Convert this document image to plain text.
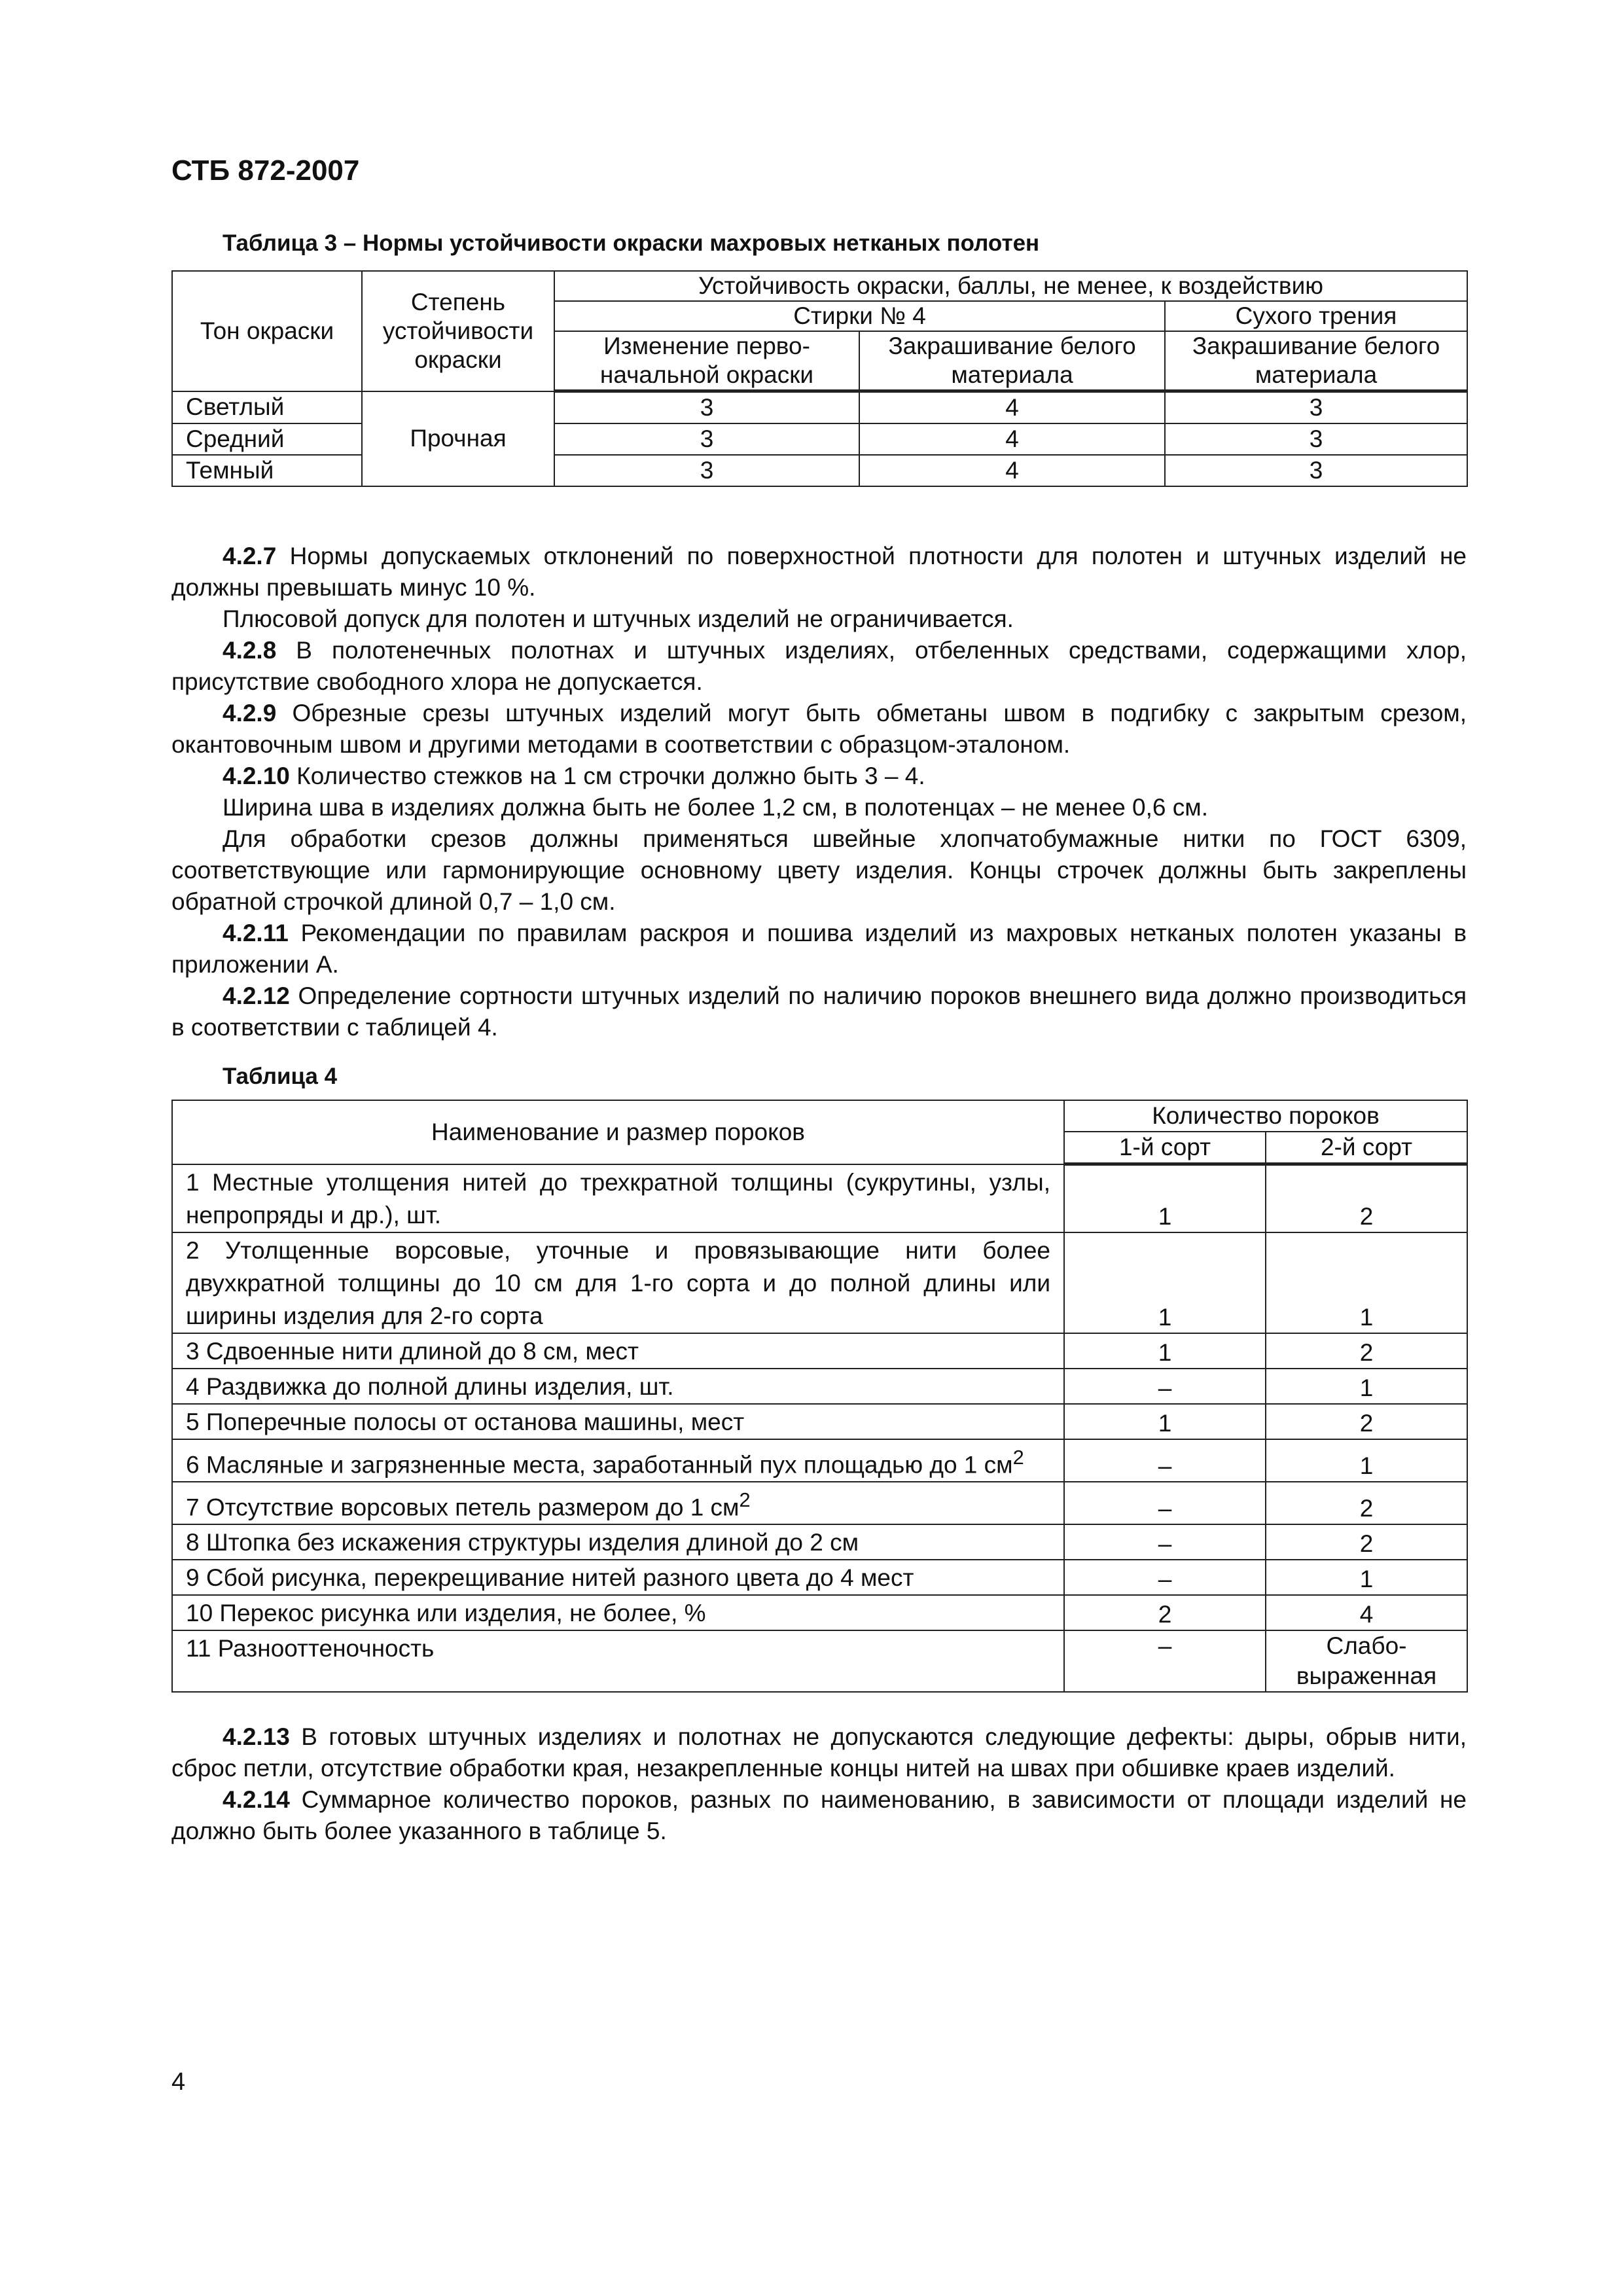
СТБ 872-2007
Таблица 3 – Нормы устойчивости окраски махровых нетканых полотен
Тон окраски	Степень устойчивости окраски	Устойчивость окраски, баллы, не менее, к воздействию		
		Стирки № 4		Сухого трения
		Изменение перво-начальной окраски	Закрашивание белого материала	Закрашивание белого материала
Светлый	Прочная	3	4	3
Средний		3	4	3
Темный		3	4	3

4.2.7 Нормы допускаемых отклонений по поверхностной плотности для полотен и штучных изделий не должны превышать минус 10 %.

Плюсовой допуск для полотен и штучных изделий не ограничивается.

4.2.8 В полотенечных полотнах и штучных изделиях, отбеленных средствами, содержащими хлор, присутствие свободного хлора не допускается.

4.2.9 Обрезные срезы штучных изделий могут быть обметаны швом в подгибку с закрытым срезом, окантовочным швом и другими методами в соответствии с образцом-эталоном.

4.2.10 Количество стежков на 1 см строчки должно быть 3 – 4.

Ширина шва в изделиях должна быть не более 1,2 см, в полотенцах – не менее 0,6 см.

Для обработки срезов должны применяться швейные хлопчатобумажные нитки по ГОСТ 6309, соответствующие или гармонирующие основному цвету изделия. Концы строчек должны быть закреплены обратной строчкой длиной 0,7 – 1,0 см.

4.2.11 Рекомендации по правилам раскроя и пошива изделий из махровых нетканых полотен указаны в приложении А.

4.2.12 Определение сортности штучных изделий по наличию пороков внешнего вида должно производиться в соответствии с таблицей 4.

Таблица 4
Наименование и размер пороков	Количество пороков	
	1-й сорт	2-й сорт
1 Местные утолщения нитей до трехкратной толщины (сукрутины, узлы, непропряды и др.), шт.	1	2
2 Утолщенные ворсовые, уточные и провязывающие нити более двухкратной толщины до 10 см для 1-го сорта и до полной длины или ширины изделия для 2-го сорта	1	1
3 Сдвоенные нити длиной до 8 см, мест	1	2
4 Раздвижка до полной длины изделия, шт.	–	1
5 Поперечные полосы от останова машины, мест	1	2
6 Масляные и загрязненные места, заработанный пух площадью до 1 $см^2$	–	1
7 Отсутствие ворсовых петель размером до 1 $см^2$	–	2
8 Штопка без искажения структуры изделия длиной до 2 см	–	2
9 Сбой рисунка, перекрещивание нитей разного цвета до 4 мест	–	1
10 Перекос рисунка или изделия, не более, %	2	4
11 Разнооттеночность	–	Слабо-выраженная

4.2.13 В готовых штучных изделиях и полотнах не допускаются следующие дефекты: дыры, обрыв нити, сброс петли, отсутствие обработки края, незакрепленные концы нитей на швах при обшивке краев изделий.

4.2.14 Суммарное количество пороков, разных по наименованию, в зависимости от площади изделий не должно быть более указанного в таблице 5.

4
